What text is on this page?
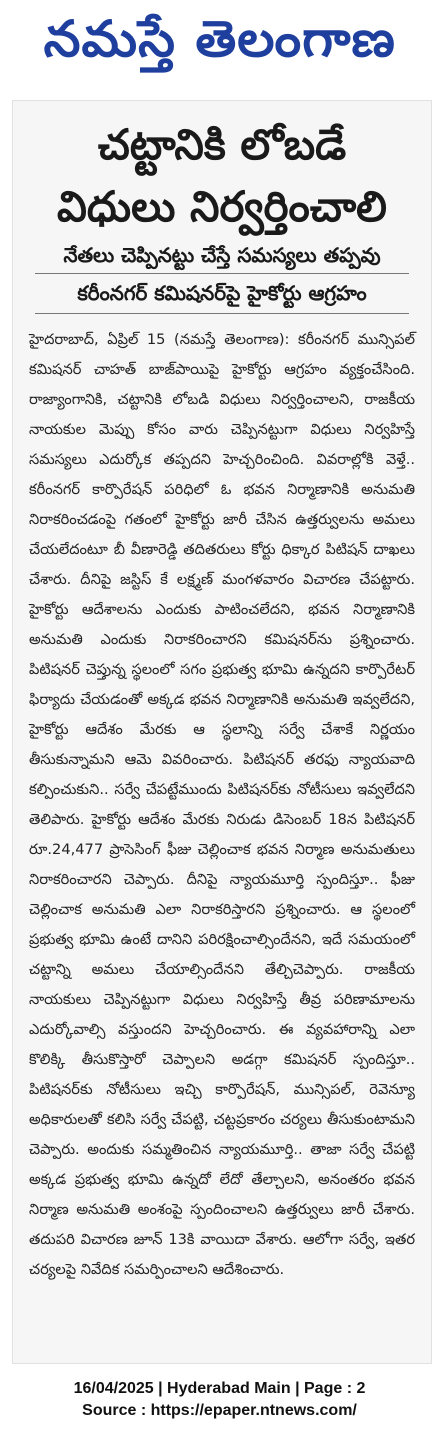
నమస్తే తెలంగాణ
చట్టానికి లోబడే
విధులు నిర్వర్తించాలి
నేతలు చెప్పినట్టు చేస్తే సమస్యలు తప్పవు
కరీంనగర్ కమిషనర్‌పై హైకోర్టు ఆగ్రహం

హైదరాబాద్, ఏప్రిల్ 15 (నమస్తే తెలంగాణ): కరీంనగర్ మున్సిపల్ కమిషనర్ చాహత్ బాజ్‌పాయిపై హైకోర్టు ఆగ్రహం వ్యక్తంచేసింది. రాజ్యాంగానికి, చట్టానికి లోబడి విధులు నిర్వర్తించాలని, రాజకీయ నాయకుల మెప్పు కోసం వారు చెప్పినట్టుగా విధులు నిర్వహిస్తే సమస్యలు ఎదుర్కోక తప్పదని హెచ్చరించింది. వివరాల్లోకి వెళ్తే.. కరీంనగర్ కార్పొరేషన్ పరిధిలో ఓ భవన నిర్మాణానికి అనుమతి నిరాకరించడంపై గతంలో హైకోర్టు జారీ చేసిన ఉత్తర్వులను అమలు చేయలేదంటూ బీ వీణారెడ్డి తదితరులు కోర్టు ధిక్కార పిటిషన్ దాఖలు చేశారు. దీనిపై జస్టిస్ కే లక్ష్మణ్ మంగళవారం విచారణ చేపట్టారు. హైకోర్టు ఆదేశాలను ఎందుకు పాటించలేదని, భవన నిర్మాణానికి అనుమతి ఎందుకు నిరాకరించారని కమిషనర్‌ను ప్రశ్నించారు. పిటిషనర్ చెప్తున్న స్థలంలో సగం ప్రభుత్వ భూమి ఉన్నదని కార్పొరేటర్ ఫిర్యాదు చేయడంతో అక్కడ భవన నిర్మాణానికి అనుమతి ఇవ్వలేదని, హైకోర్టు ఆదేశం మేరకు ఆ స్థలాన్ని సర్వే చేశాకే నిర్ణయం తీసుకున్నామని ఆమె వివరించారు. పిటిషనర్ తరఫు న్యాయవాది కల్పించుకుని.. సర్వే చేపట్టేముందు పిటిషనర్‌కు నోటీసులు ఇవ్వలేదని తెలిపారు. హైకోర్టు ఆదేశం మేరకు నిరుడు డిసెంబర్ 18న పిటిషనర్ రూ.24,477 ప్రాసెసింగ్ ఫీజు చెల్లించాక భవన నిర్మాణ అనుమతులు నిరాకరించారని చెప్పారు. దీనిపై న్యాయమూర్తి స్పందిస్తూ.. ఫీజు చెల్లించాక అనుమతి ఎలా నిరాకరిస్తారని ప్రశ్నించారు. ఆ స్థలంలో ప్రభుత్వ భూమి ఉంటే దానిని పరిరక్షించాల్సిందేనని, ఇదే సమయంలో చట్టాన్ని అమలు చేయాల్సిందేనని తేల్చిచెప్పారు. రాజకీయ నాయకులు చెప్పినట్టుగా విధులు నిర్వహిస్తే తీవ్ర పరిణామాలను ఎదుర్కోవాల్సి వస్తుందని హెచ్చరించారు. ఈ వ్యవహారాన్ని ఎలా కొలిక్కి తీసుకొస్తారో చెప్పాలని అడగ్గా కమిషనర్ స్పందిస్తూ.. పిటిషనర్‌కు నోటీసులు ఇచ్చి కార్పొరేషన్, మున్సిపల్, రెవెన్యూ అధికారులతో కలిసి సర్వే చేపట్టి, చట్టప్రకారం చర్యలు తీసుకుంటామని చెప్పారు. అందుకు సమ్మతించిన న్యాయమూర్తి.. తాజా సర్వే చేపట్టి అక్కడ ప్రభుత్వ భూమి ఉన్నదో లేదో తేల్చాలని, అనంతరం భవన నిర్మాణ అనుమతి అంశంపై స్పందించాలని ఉత్తర్వులు జారీ చేశారు. తదుపరి విచారణ జూన్ 13కి వాయిదా వేశారు. ఆలోగా సర్వే, ఇతర చర్యలపై నివేదిక సమర్పించాలని ఆదేశించారు.

16/04/2025 | Hyderabad Main | Page : 2
Source : https://epaper.ntnews.com/
